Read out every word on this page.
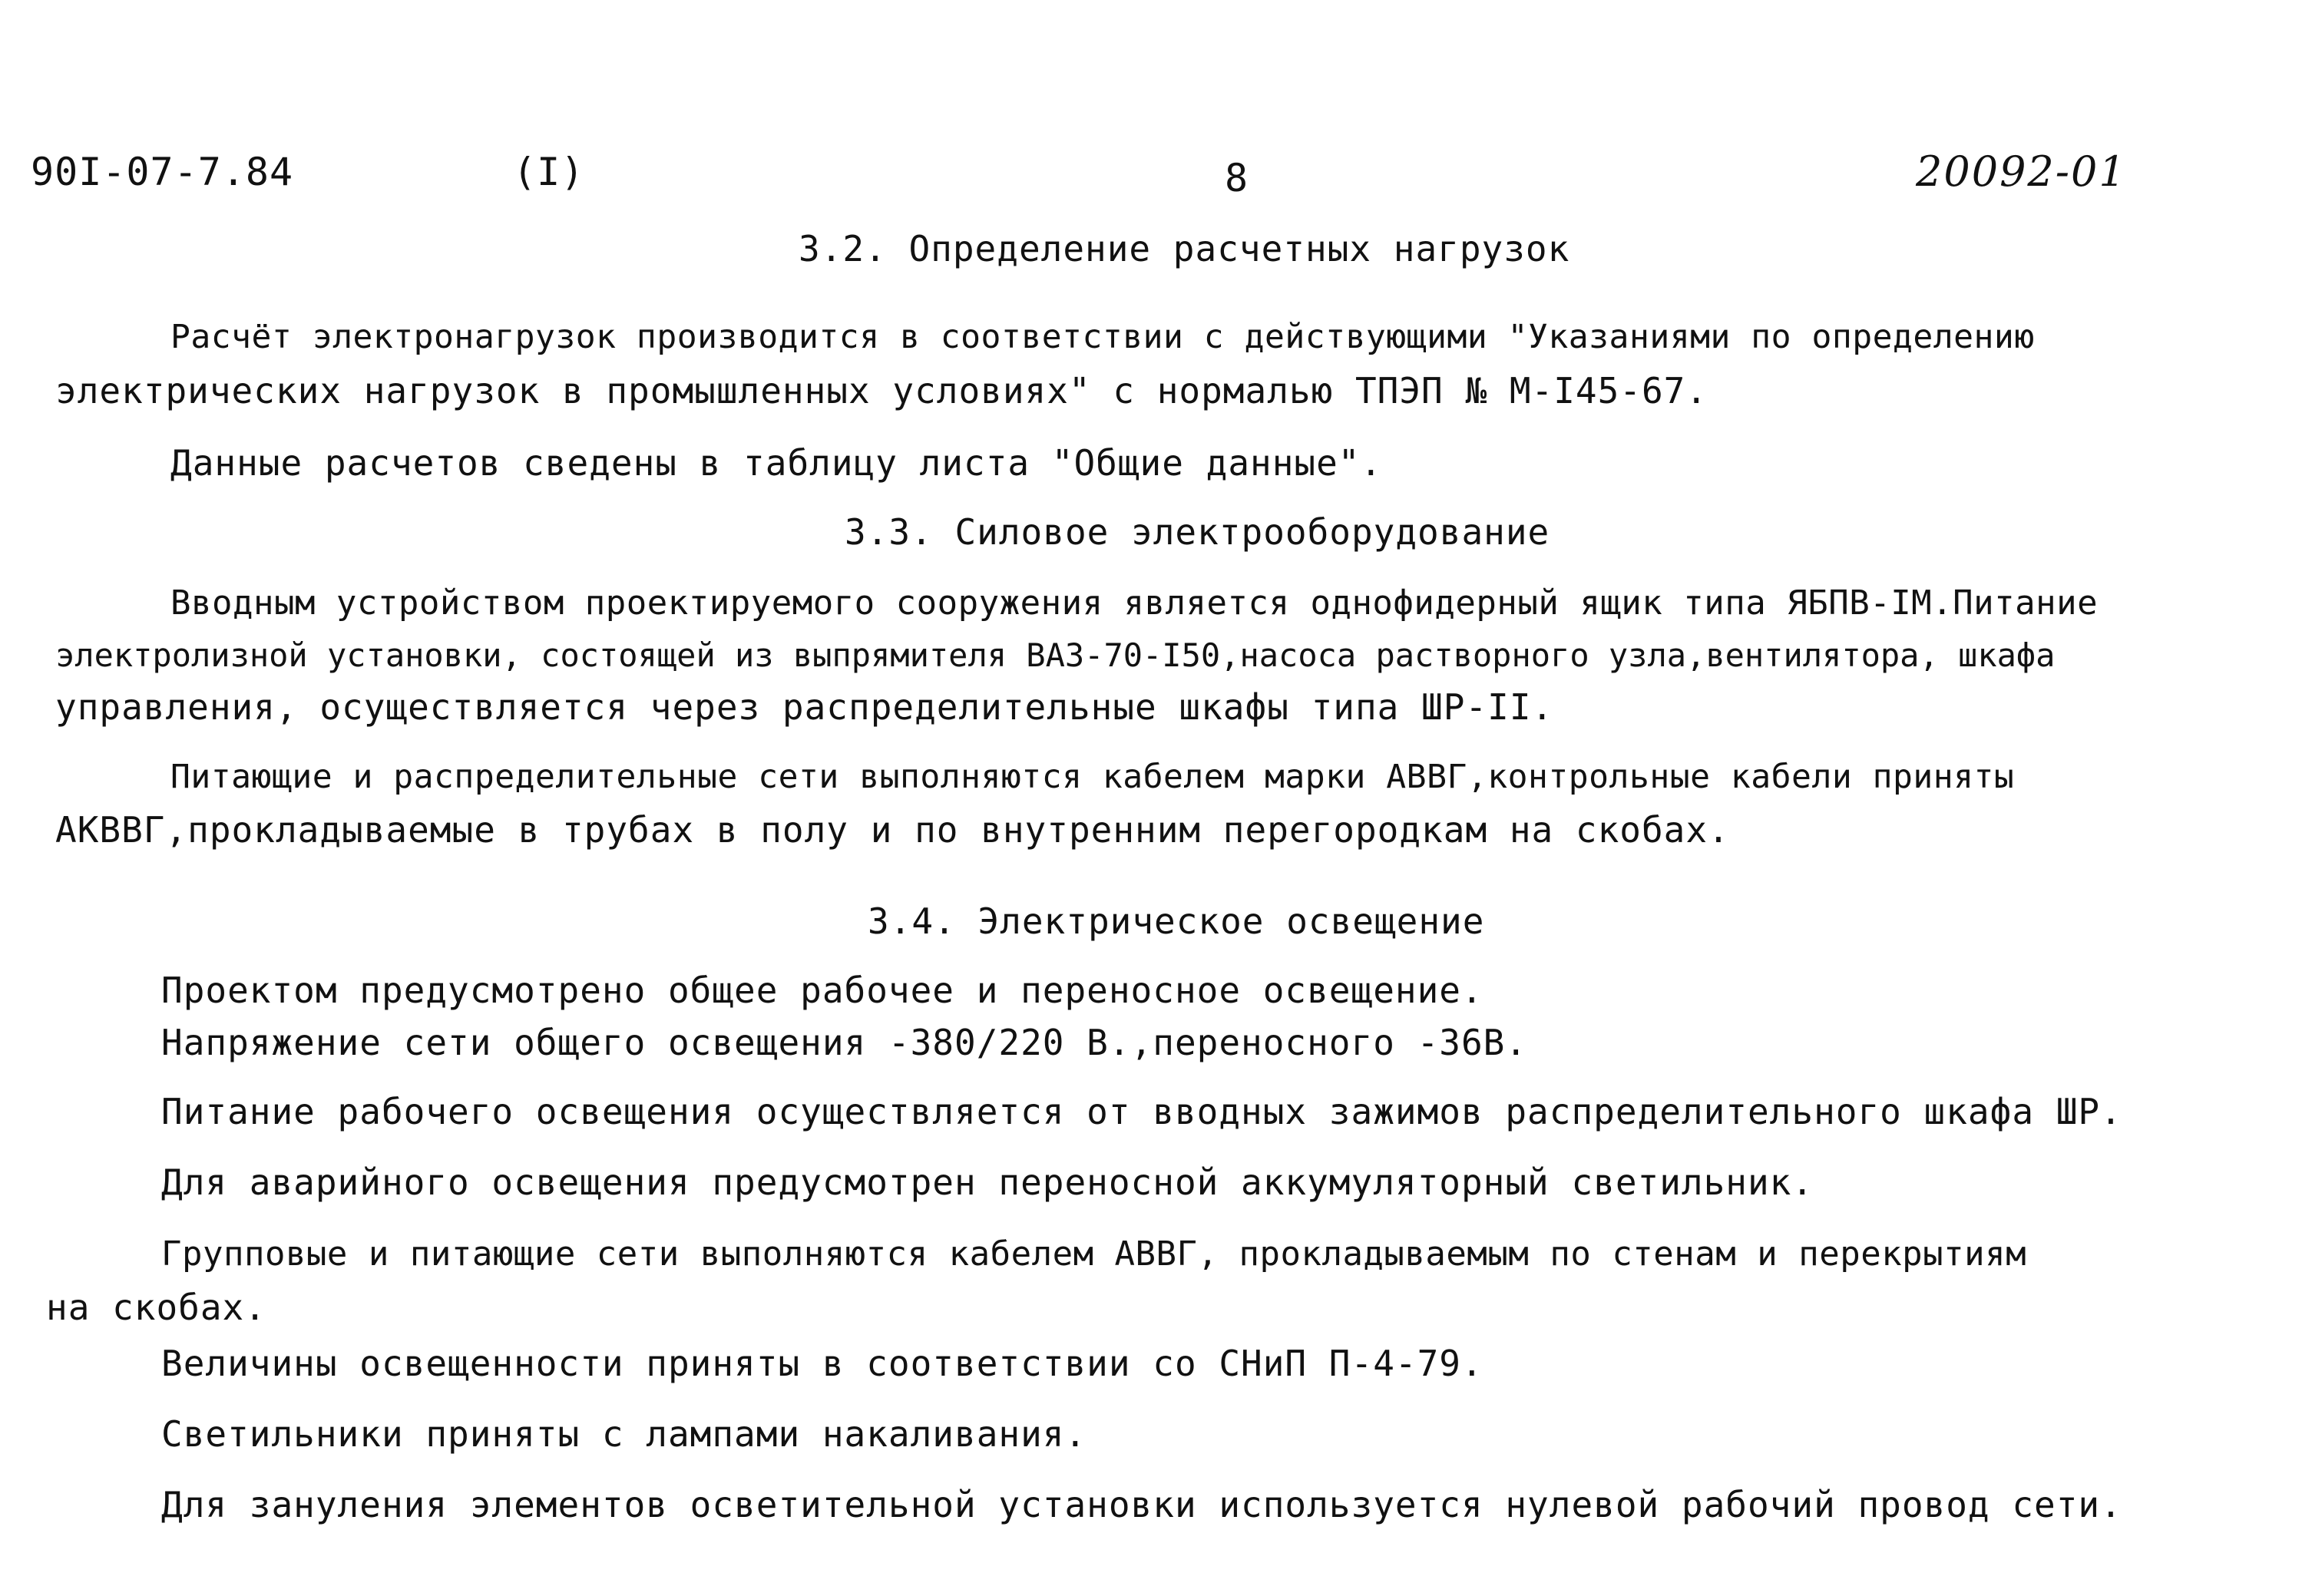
90I-07-7.84	(I)	8	20092-01
3.2. Определение расчетных нагрузок
Расчёт электронагрузок производится в соответствии с действующими "Указаниями по определению
электрических нагрузок в промышленных условиях" с нормалью ТПЭП № М-I45-67.
Данные расчетов сведены в таблицу листа "Общие данные".
3.3. Силовое электрооборудование
Вводным устройством проектируемого сооружения является однофидерный ящик типа ЯБПВ-IМ.Питание
электролизной установки, состоящей из выпрямителя ВАЗ-70-I50,насоса растворного узла,вентилятора, шкафа
управления, осуществляется через распределительные шкафы типа ШР-II.
Питающие и распределительные сети выполняются кабелем марки АВВГ,контрольные кабели приняты
АКВВГ,прокладываемые в трубах в полу и по внутренним перегородкам на скобах.
3.4. Электрическое освещение
Проектом предусмотрено общее рабочее и переносное освещение.
Напряжение сети общего освещения -380/220 В.,переносного -36В.
Питание рабочего освещения осуществляется от вводных зажимов распределительного шкафа ШР.
Для аварийного освещения предусмотрен переносной аккумуляторный светильник.
Групповые и питающие сети выполняются кабелем АВВГ, прокладываемым по стенам и перекрытиям
на скобах.
Величины освещенности приняты в соответствии со СНиП П-4-79.
Светильники приняты с лампами накаливания.
Для зануления элементов осветительной установки используется нулевой рабочий провод сети.
